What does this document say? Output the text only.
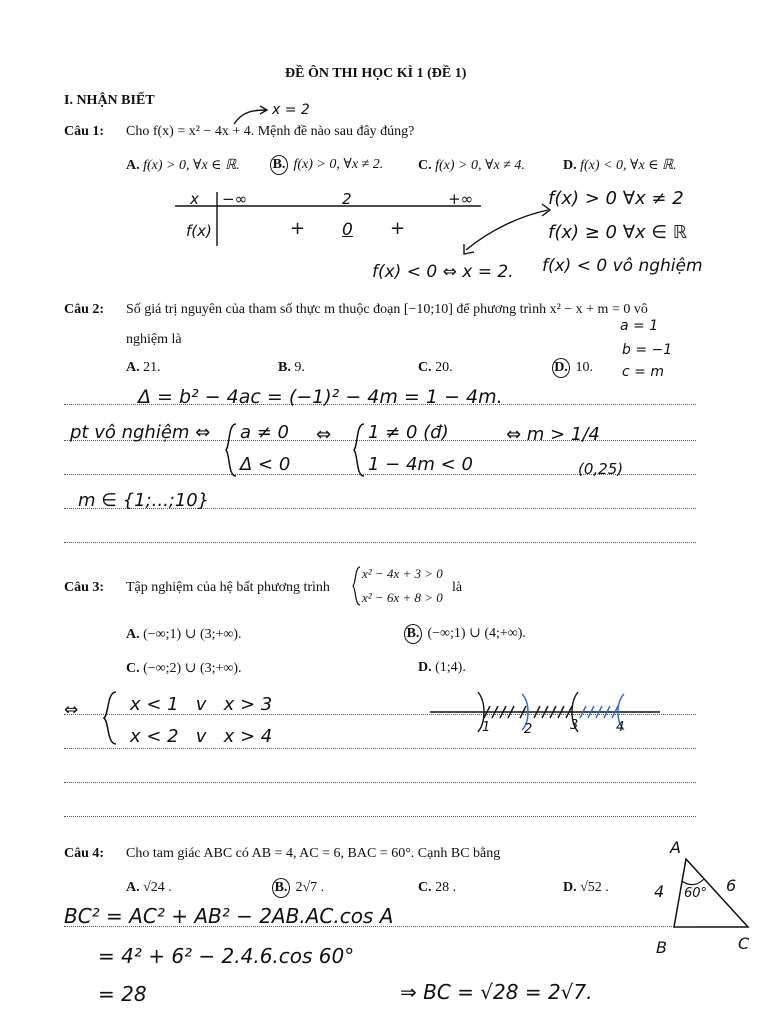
ĐỀ ÔN THI HỌC KÌ 1 (ĐỀ 1)
I. NHẬN BIẾT
Câu 1: Cho f(x) = x² − 4x + 4. Mệnh đề nào sau đây đúng?
x = 2
A. f(x) > 0, ∀x ∈ ℝ. B. f(x) > 0, ∀x ≠ 2. C. f(x) > 0, ∀x ≠ 4.	D. f(x) < 0, ∀x ∈ ℝ.
x −∞	2	+∞
f(x)	+ 0 +
f(x) > 0 ∀x ≠ 2
f(x) ≥ 0 ∀x ∈ ℝ
f(x) < 0 ⇔ x = 2. f(x) < 0 vô nghiệm
Câu 2: Số giá trị nguyên của tham số thực m thuộc đoạn [−10;10] để phương trình x² − x + m = 0 vô
nghiệm là
a = 1
b = −1
c = m
A. 21.	B. 9.	C. 20.	D. 10.
Δ = b² − 4ac = (−1)² − 4m = 1 − 4m.
pt vô nghiệm ⇔ a ≠ 0
Δ < 0
⇔ 1 ≠ 0 (đ)
1 − 4m < 0
⇔ m > 1/4
(0,25)
m ∈ {1;...;10}
Câu 3: Tập nghiệm của hệ bất phương trình
x² − 4x + 3 > 0
x² − 6x + 8 > 0
là
A. (−∞;1) ∪ (3;+∞).	B. (−∞;1) ∪ (4;+∞).
C. (−∞;2) ∪ (3;+∞).	D. (1;4).
⇔	x < 1   v   x > 3
x < 2   v   x > 4	1	2	3	4
Câu 4: Cho tam giác ABC có AB = 4, AC = 6, BAC = 60°. Cạnh BC bằng
A. √24 .	B. 2√7 .	C. 28 .	D. √52 .
A
B	C
4	6
60°
BC² = AC² + AB² − 2AB.AC.cos A
= 4² + 6² − 2.4.6.cos 60°
= 28	⇒ BC = √28 = 2√7.
